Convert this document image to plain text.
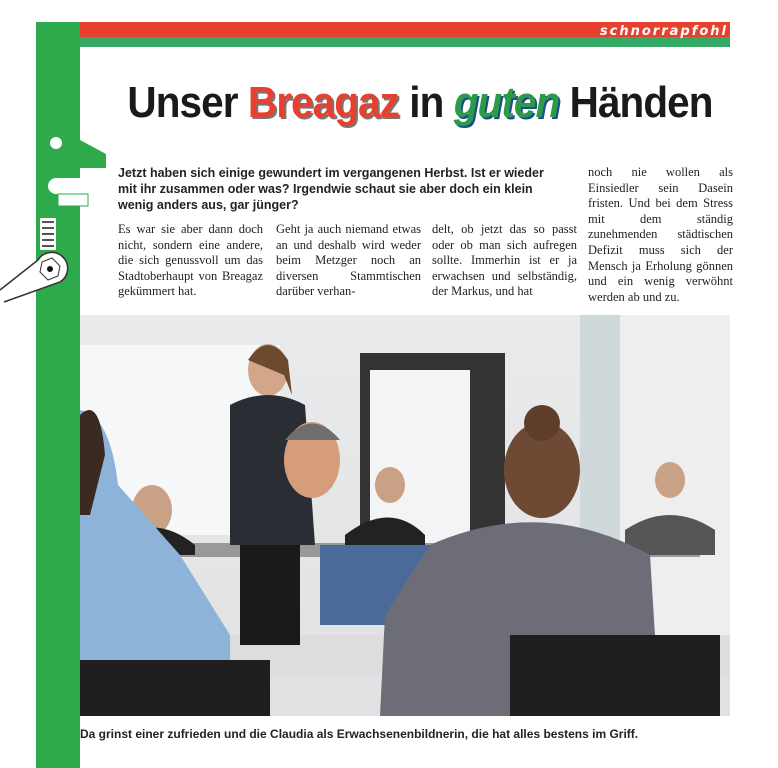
schnorrapfohl
Unser Breagaz in guten Händen
Jetzt haben sich einige gewundert im vergangenen Herbst. Ist er wieder mit ihr zusammen oder was? Irgendwie schaut sie aber doch ein klein wenig anders aus, gar jünger?
Es war sie aber dann doch nicht, sondern eine andere, die sich genussvoll um das Stadtoberhaupt von Breagaz gekümmert hat.
Geht ja auch niemand etwas an und deshalb wird weder beim Metzger noch an diversen Stammtischen darüber verhan-
delt, ob jetzt das so passt oder ob man sich aufregen sollte. Immerhin ist er ja erwachsen und selbständig, der Markus, und hat
noch nie wollen als Einsiedler sein Dasein fristen. Und bei dem Stress mit dem ständig zunehmenden städtischen Defizit muss sich der Mensch ja Erholung gönnen und ein wenig verwöhnt werden ab und zu.
Da grinst einer zufrieden und die Claudia als Erwachsenenbildnerin, die hat alles bestens im Griff.
